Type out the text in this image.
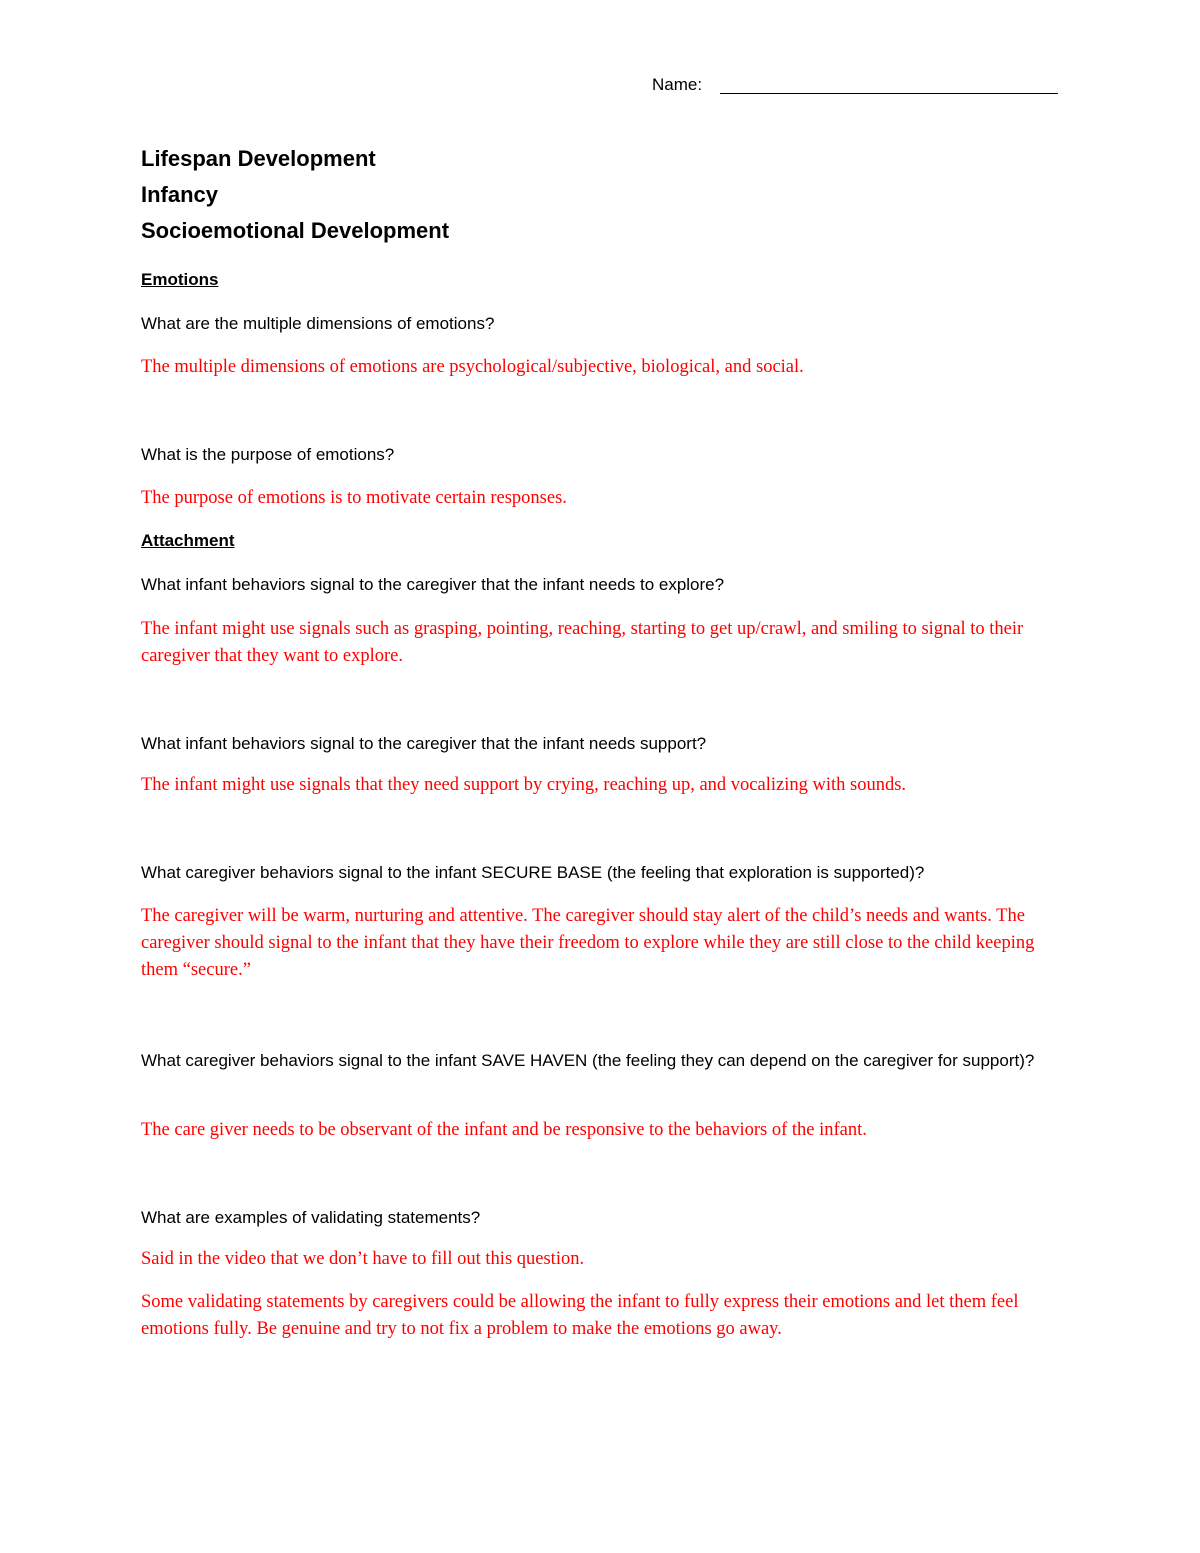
Name:
Lifespan Development
Infancy
Socioemotional Development
Emotions
What are the multiple dimensions of emotions?
The multiple dimensions of emotions are psychological/subjective, biological, and social.
What is the purpose of emotions?
The purpose of emotions is to motivate certain responses.
Attachment
What infant behaviors signal to the caregiver that the infant needs to explore?
The infant might use signals such as grasping, pointing, reaching, starting to get up/crawl, and smiling to signal to their caregiver that they want to explore.
What infant behaviors signal to the caregiver that the infant needs support?
The infant might use signals that they need support by crying, reaching up, and vocalizing with sounds.
What caregiver behaviors signal to the infant SECURE BASE (the feeling that exploration is supported)?
The caregiver will be warm, nurturing and attentive. The caregiver should stay alert of the child’s needs and wants. The caregiver should signal to the infant that they have their freedom to explore while they are still close to the child keeping them “secure.”
What caregiver behaviors signal to the infant SAVE HAVEN (the feeling they can depend on the caregiver for support)?
The care giver needs to be observant of the infant and be responsive to the behaviors of the infant.
What are examples of validating statements?
Said in the video that we don’t have to fill out this question.
Some validating statements by caregivers could be allowing the infant to fully express their emotions and let them feel emotions fully. Be genuine and try to not fix a problem to make the emotions go away.
